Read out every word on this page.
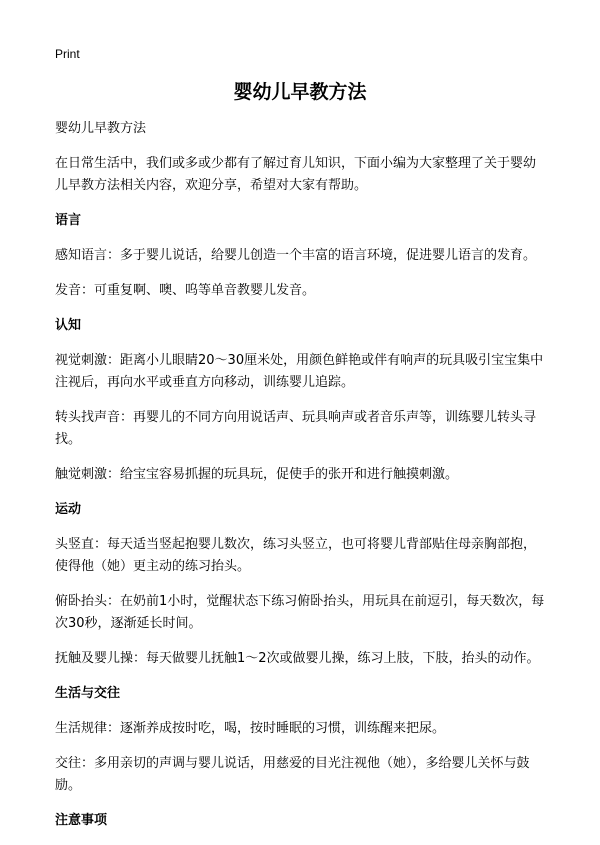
Print
婴幼儿早教方法

婴幼儿早教方法

在日常生活中，我们或多或少都有了解过育儿知识，下面小编为大家整理了关于婴幼儿早教方法相关内容，欢迎分享，希望对大家有帮助。

语言

感知语言：多于婴儿说话，给婴儿创造一个丰富的语言环境，促进婴儿语言的发育。

发音：可重复啊、噢、呜等单音教婴儿发音。

认知

视觉刺激：距离小儿眼睛20～30厘米处，用颜色鲜艳或伴有响声的玩具吸引宝宝集中注视后，再向水平或垂直方向移动，训练婴儿追踪。

转头找声音：再婴儿的不同方向用说话声、玩具响声或者音乐声等，训练婴儿转头寻找。

触觉刺激：给宝宝容易抓握的玩具玩，促使手的张开和进行触摸刺激。

运动

头竖直：每天适当竖起抱婴儿数次，练习头竖立，也可将婴儿背部贴住母亲胸部抱，使得他（她）更主动的练习抬头。

俯卧抬头：在奶前1小时，觉醒状态下练习俯卧抬头，用玩具在前逗引，每天数次，每次30秒，逐渐延长时间。

抚触及婴儿操：每天做婴儿抚触1～2次或做婴儿操，练习上肢，下肢，抬头的动作。

生活与交往

生活规律：逐渐养成按时吃，喝，按时睡眠的习惯，训练醒来把尿。

交往：多用亲切的声调与婴儿说话，用慈爱的目光注视他（她），多给婴儿关怀与鼓励。

注意事项
